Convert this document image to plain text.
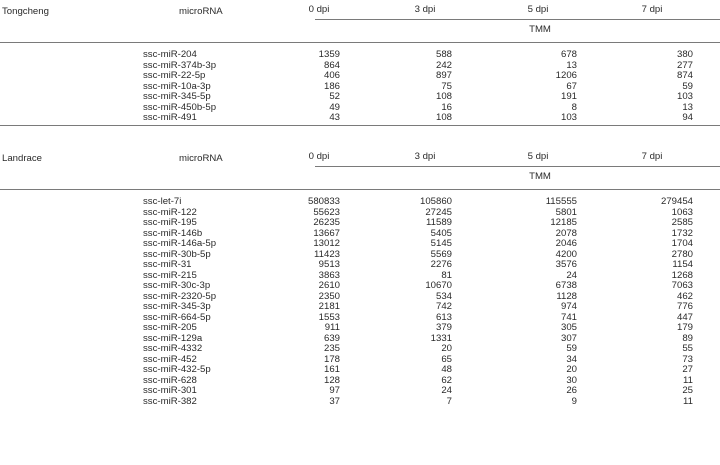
Tongcheng	microRNA	0 dpi	3 dpi	5 dpi	7 dpi
TMM
ssc-miR-204	1359	588	678	380
ssc-miR-374b-3p	864	242	13	277
ssc-miR-22-5p	406	897	1206	874
ssc-miR-10a-3p	186	75	67	59
ssc-miR-345-5p	52	108	191	103
ssc-miR-450b-5p	49	16	8	13
ssc-miR-491	43	108	103	94
Landrace	microRNA	0 dpi	3 dpi	5 dpi	7 dpi
TMM
ssc-let-7i	580833	105860	115555	279454
ssc-miR-122	55623	27245	5801	1063
ssc-miR-195	26235	11589	12185	2585
ssc-miR-146b	13667	5405	2078	1732
ssc-miR-146a-5p	13012	5145	2046	1704
ssc-miR-30b-5p	11423	5569	4200	2780
ssc-miR-31	9513	2276	3576	1154
ssc-miR-215	3863	81	24	1268
ssc-miR-30c-3p	2610	10670	6738	7063
ssc-miR-2320-5p	2350	534	1128	462
ssc-miR-345-3p	2181	742	974	776
ssc-miR-664-5p	1553	613	741	447
ssc-miR-205	911	379	305	179
ssc-miR-129a	639	1331	307	89
ssc-miR-4332	235	20	59	55
ssc-miR-452	178	65	34	73
ssc-miR-432-5p	161	48	20	27
ssc-miR-628	128	62	30	11
ssc-miR-301	97	24	26	25
ssc-miR-382	37	7	9	11
